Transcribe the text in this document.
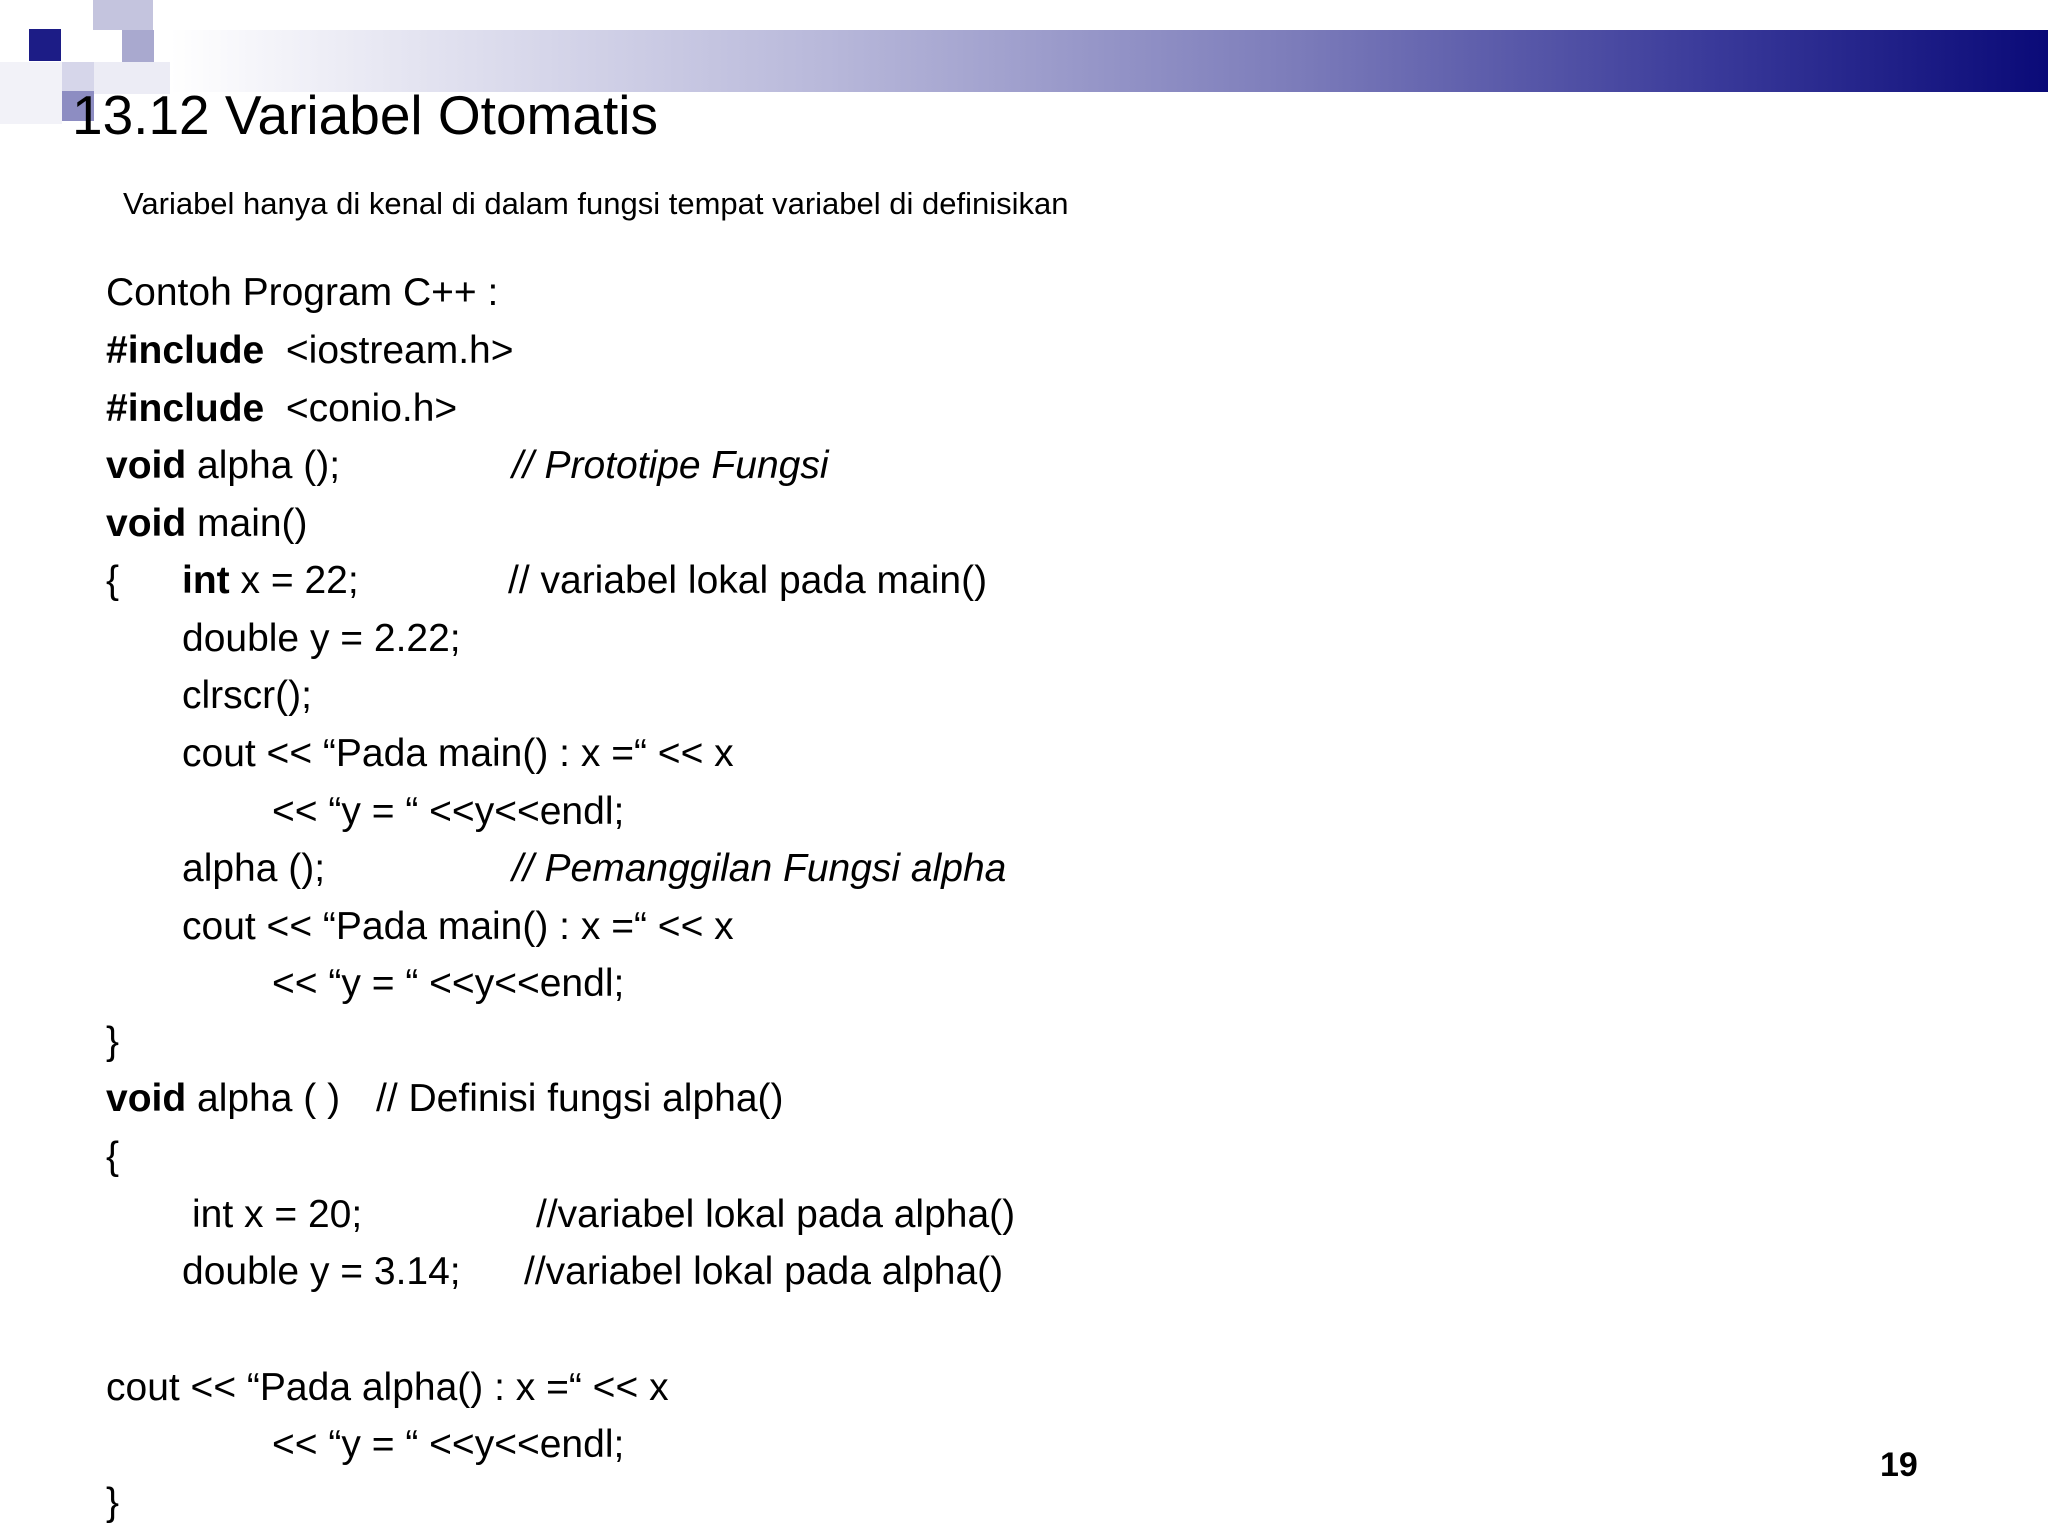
13.12 Variabel Otomatis
Variabel hanya di kenal di dalam fungsi tempat variabel di definisikan
Contoh Program C++ :
#include <iostream.h>
#include <conio.h>
void alpha ();	// Prototipe Fungsi
void main()
{ int x = 22;	// variabel lokal pada main()
double y = 2.22;
clrscr();
cout << “Pada main() : x =“ << x
<< “y = “ <<y<<endl;
alpha ();	// Pemanggilan Fungsi alpha
cout << “Pada main() : x =“ << x
<< “y = “ <<y<<endl;
}
void alpha ( ) // Definisi fungsi alpha()
{
int x = 20;	//variabel lokal pada alpha()
double y = 3.14; //variabel lokal pada alpha()
cout << “Pada alpha() : x =“ << x
<< “y = “ <<y<<endl;
}
19
